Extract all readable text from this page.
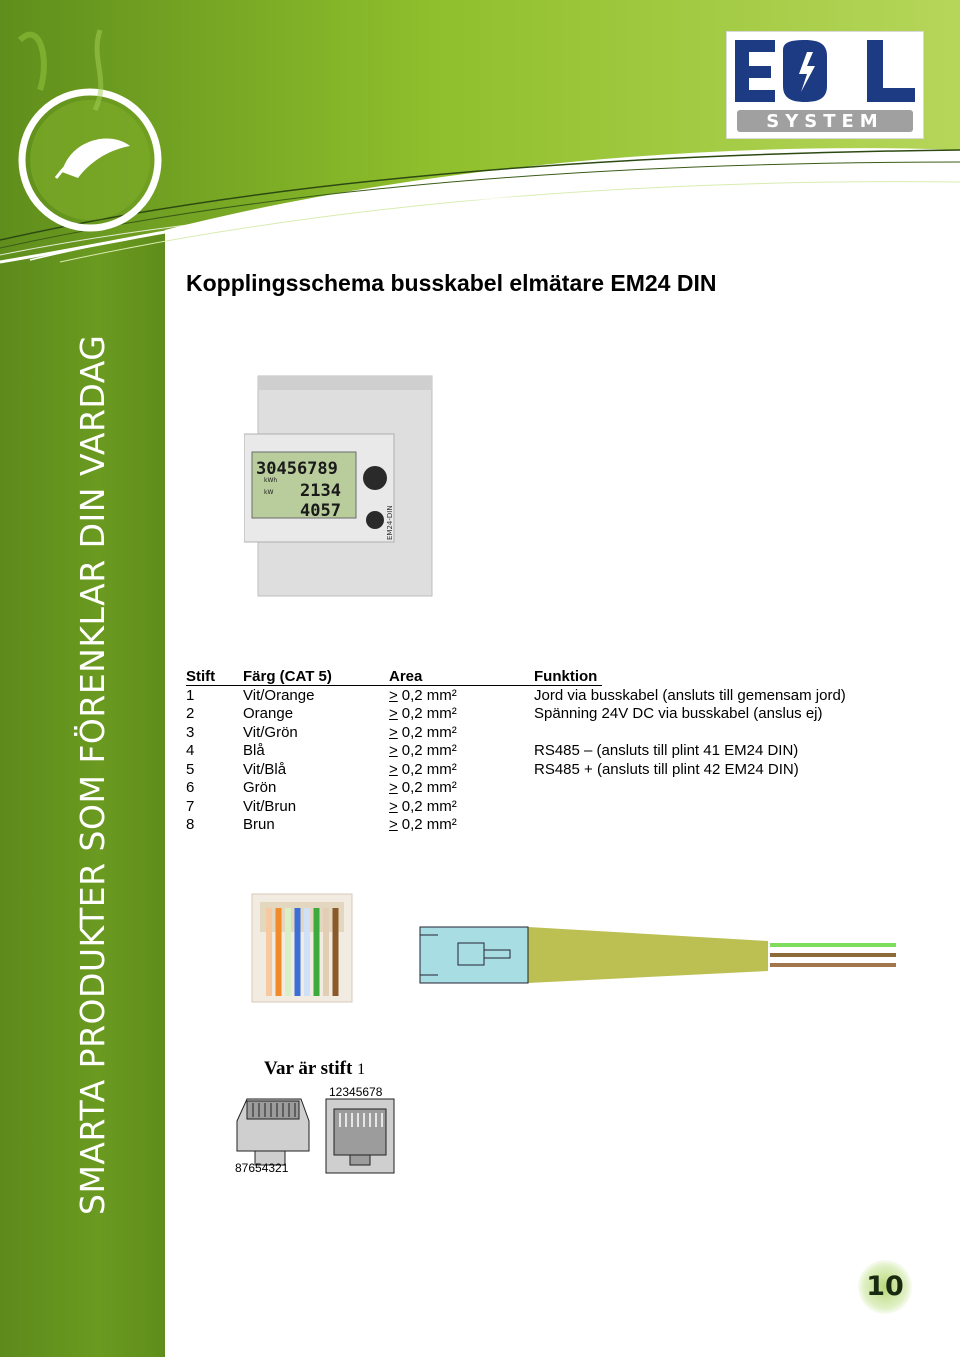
SMARTA PRODUKTER SOM FÖRENKLAR DIN VARDAG
SYSTEM
Kopplingsschema busskabel elmätare EM24 DIN
30456789
kWh
kW 2134
4057	EM24-DIN
Stift Färg (CAT 5)	Area	Funktion
1	Vit/Orange	> 0,2 mm²	Jord via busskabel (ansluts till gemensam jord)
2	Orange	> 0,2 mm²	Spänning 24V DC via busskabel (anslus ej)
3	Vit/Grön	> 0,2 mm²
4	Blå	> 0,2 mm²	RS485 – (ansluts till plint 41 EM24 DIN)
5	Vit/Blå	> 0,2 mm²	RS485 + (ansluts till plint 42 EM24 DIN)
6	Grön	> 0,2 mm²
7	Vit/Brun	> 0,2 mm²
8	Brun	> 0,2 mm²
Var är stift 1
87654321
12345678
10
